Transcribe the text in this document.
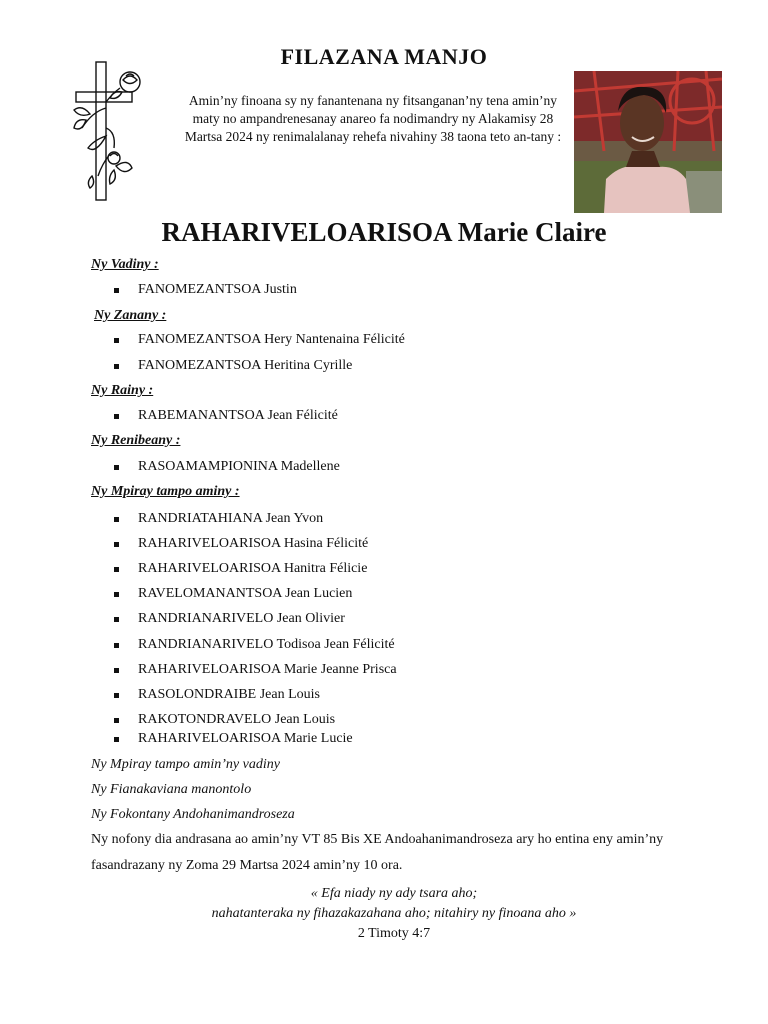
FILAZANA MANJO
Amin’ny finoana sy ny fanantenana ny fitsanganan’ny tena amin’ny maty no ampandrenesanay anareo fa nodimandry ny Alakamisy 28 Martsa 2024 ny renimalalanay rehefa nivahiny 38 taona teto an-tany :
RAHARIVELOARISOA Marie Claire
Ny Vadiny :
FANOMEZANTSOA Justin
Ny Zanany :
FANOMEZANTSOA Hery Nantenaina Félicité
FANOMEZANTSOA Heritina Cyrille
Ny Rainy :
RABEMANANTSOA Jean Félicité
Ny Renibeany :
RASOAMAMPIONINA Madellene
Ny Mpiray tampo aminy :
RANDRIATAHIANA Jean Yvon
RAHARIVELOARISOA Hasina Félicité
RAHARIVELOARISOA Hanitra Félicie
RAVELOMANANTSOA Jean Lucien
RANDRIANARIVELO Jean Olivier
RANDRIANARIVELO Todisoa Jean Félicité
RAHARIVELOARISOA Marie Jeanne Prisca
RASOLONDRAIBE Jean Louis
RAKOTONDRAVELO Jean Louis
RAHARIVELOARISOA Marie Lucie
Ny Mpiray tampo amin’ny vadiny
Ny Fianakaviana manontolo
Ny Fokontany Andohanimandroseza
Ny nofony dia andrasana ao amin’ny VT 85 Bis XE Andoahanimandroseza ary ho entina eny amin’ny fasandrazany ny Zoma 29 Martsa 2024 amin’ny 10 ora.
« Efa niady ny ady tsara aho;
nahatanteraka ny fihazakazahana aho; nitahiry ny finoana aho »
2 Timoty 4:7
